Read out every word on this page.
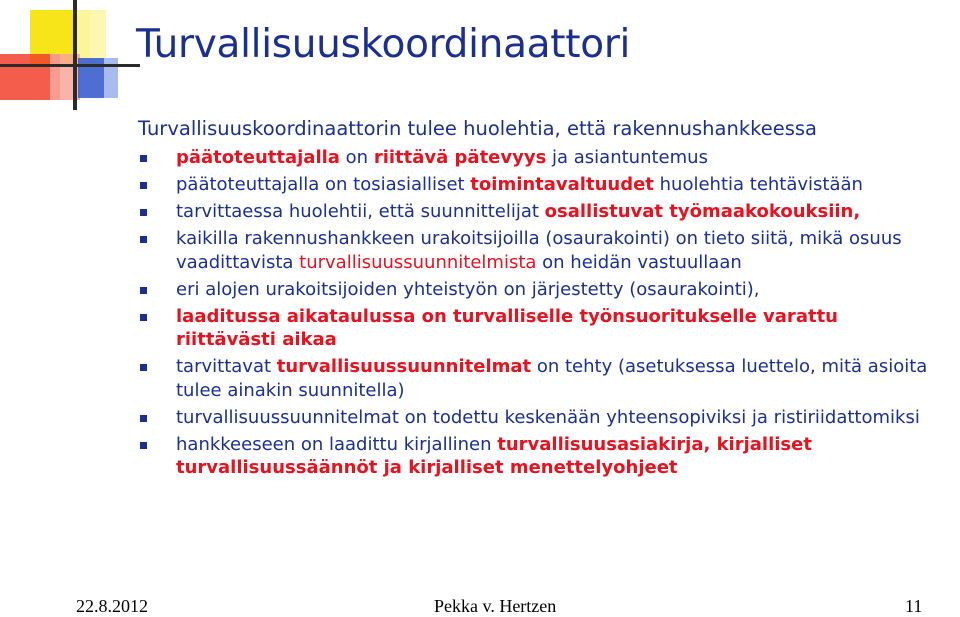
Turvallisuuskoordinaattori
Turvallisuuskoordinaattorin tulee huolehtia, että rakennushankkeessa
päätoteuttajalla on riittävä pätevyys ja asiantuntemus
päätoteuttajalla on tosiasialliset toimintavaltuudet huolehtia tehtävistään
tarvittaessa huolehtii, että suunnittelijat osallistuvat työmaakokouksiin,
kaikilla rakennushankkeen urakoitsijoilla (osaurakointi) on tieto siitä, mikä osuus vaadittavista turvallisuussuunnitelmista on heidän vastuullaan
eri alojen urakoitsijoiden yhteistyön on järjestetty (osaurakointi),
laaditussa aikataulussa on turvalliselle työnsuoritukselle varattu riittävästi aikaa
tarvittavat turvallisuussuunnitelmat on tehty (asetuksessa luettelo, mitä asioita tulee ainakin suunnitella)
turvallisuussuunnitelmat on todettu keskenään yhteensopiviksi ja ristiriidattomiksi
hankkeeseen on laadittu kirjallinen turvallisuusasiakirja, kirjalliset turvallisuussäännöt ja kirjalliset menettelyohjeet
22.8.2012	Pekka v. Hertzen	11
